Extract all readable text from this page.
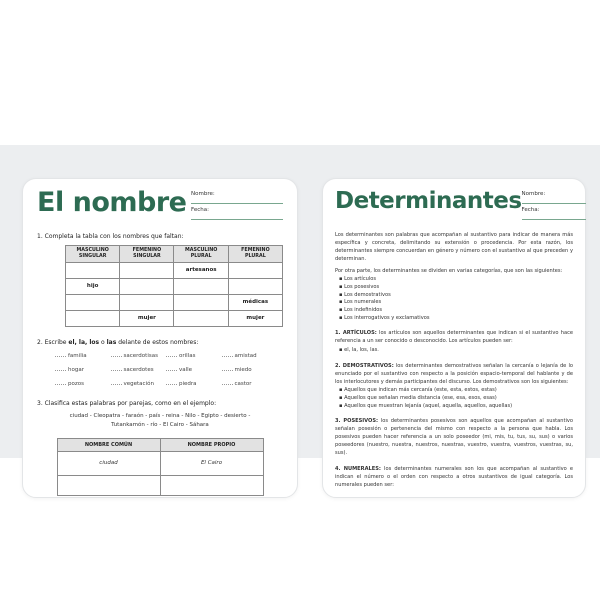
El nombre Nombre:
Fecha:
1. Completa la tabla con los nombres que faltan:
MASCULINO SINGULAR	FEMENINO SINGULAR	MASCULINO PLURAL	FEMENINO PLURAL
		artesanos	
hijo			
			médicas
	mujer		mujer
2. Escribe el, la, los o las delante de estos nombres:
familia	sacerdotisas	orillas	amistad
hogar	sacerdotes	valle	miedo
pozos	vegetación	piedra	castor
3. Clasifica estas palabras por parejas, como en el ejemplo:
ciudad - Cleopatra - faraón - país - reina - Nilo - Egipto - desierto -
Tutankamón - río - El Cairo - Sáhara
NOMBRE COMÚN	NOMBRE PROPIO
ciudad	El Cairo

Determinantes Nombre:
Fecha:

Los determinantes son palabras que acompañan al sustantivo para indicar de manera más específica y concreta, delimitando su extensión o procedencia. Por esta razón, los determinantes siempre concuerdan en género y número con el sustantivo al que preceden y determinan.

Por otra parte, los determinantes se dividen en varias categorías, que son las siguientes:

▪ Los artículos
▪ Los posesivos
▪ Los demostrativos
▪ Los numerales
▪ Los indefinidos
▪ Los interrogativos y exclamativos

1. ARTÍCULOS: los artículos son aquellos determinantes que indican si el sustantivo hace referencia a un ser conocido o desconocido. Los artículos pueden ser:

▪ el, la, los, las.

2. DEMOSTRATIVOS: los determinantes demostrativos señalan la cercanía o lejanía de lo enunciado por el sustantivo con respecto a la posición espacio-temporal del hablante y de los interlocutores y demás participantes del discurso. Los demostrativos son los siguientes:

▪ Aquellos que indican más cercanía (este, esta, estos, estas)
▪ Aquellos que señalan media distancia (ese, esa, esos, esas)
▪ Aquellos que muestran lejanía (aquel, aquella, aquellos, aquellas)

3. POSESIVOS: los determinantes posesivos son aquellos que acompañan al sustantivo señalan posesión o pertenencia del mismo con respecto a la persona que habla. Los posesivos pueden hacer referencia a un solo poseedor (mi, mis, tu, tus, su, sus) o varios poseedores (nuestro, nuestra, nuestros, nuestras, vuestro, vuestra, vuestros, vuestras, su, sus).

4. NUMERALES: los determinantes numerales son los que acompañan al sustantivo e indican el número o el orden con respecto a otros sustantivos de igual categoría. Los numerales pueden ser:
